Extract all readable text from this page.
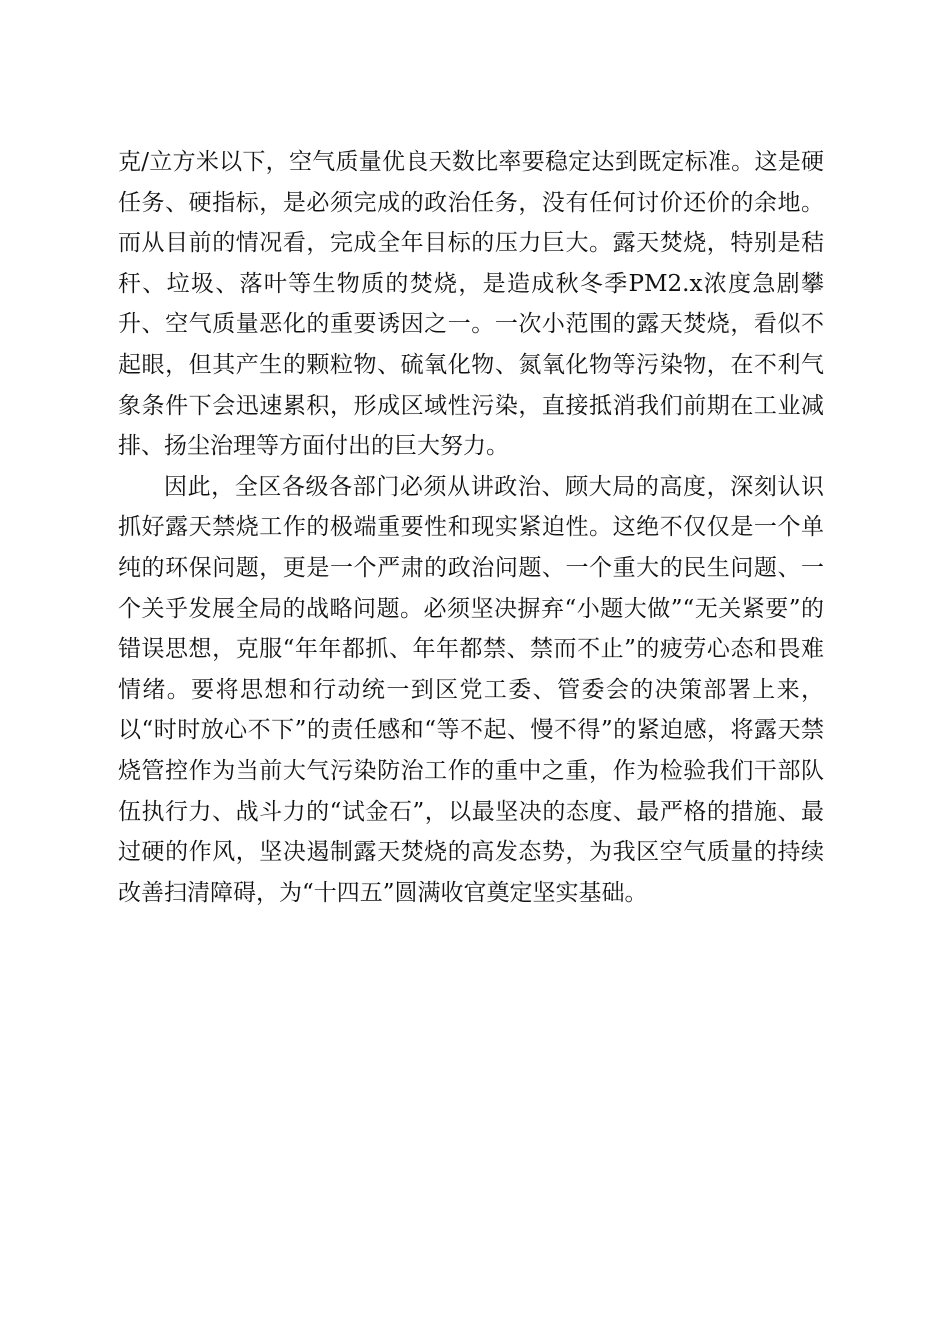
克/立方米以下，空气质量优良天数比率要稳定达到既定标准。这是硬任务、硬指标，是必须完成的政治任务，没有任何讨价还价的余地。而从目前的情况看，完成全年目标的压力巨大。露天焚烧，特别是秸秆、垃圾、落叶等生物质的焚烧，是造成秋冬季PM2.x浓度急剧攀升、空气质量恶化的重要诱因之一。一次小范围的露天焚烧，看似不起眼，但其产生的颗粒物、硫氧化物、氮氧化物等污染物，在不利气象条件下会迅速累积，形成区域性污染，直接抵消我们前期在工业减排、扬尘治理等方面付出的巨大努力。

因此，全区各级各部门必须从讲政治、顾大局的高度，深刻认识抓好露天禁烧工作的极端重要性和现实紧迫性。这绝不仅仅是一个单纯的环保问题，更是一个严肃的政治问题、一个重大的民生问题、一个关乎发展全局的战略问题。必须坚决摒弃“小题大做”“无关紧要”的错误思想，克服“年年都抓、年年都禁、禁而不止”的疲劳心态和畏难情绪。要将思想和行动统一到区党工委、管委会的决策部署上来，以“时时放心不下”的责任感和“等不起、慢不得”的紧迫感，将露天禁烧管控作为当前大气污染防治工作的重中之重，作为检验我们干部队伍执行力、战斗力的“试金石”，以最坚决的态度、最严格的措施、最过硬的作风，坚决遏制露天焚烧的高发态势，为我区空气质量的持续改善扫清障碍，为“十四五”圆满收官奠定坚实基础。
